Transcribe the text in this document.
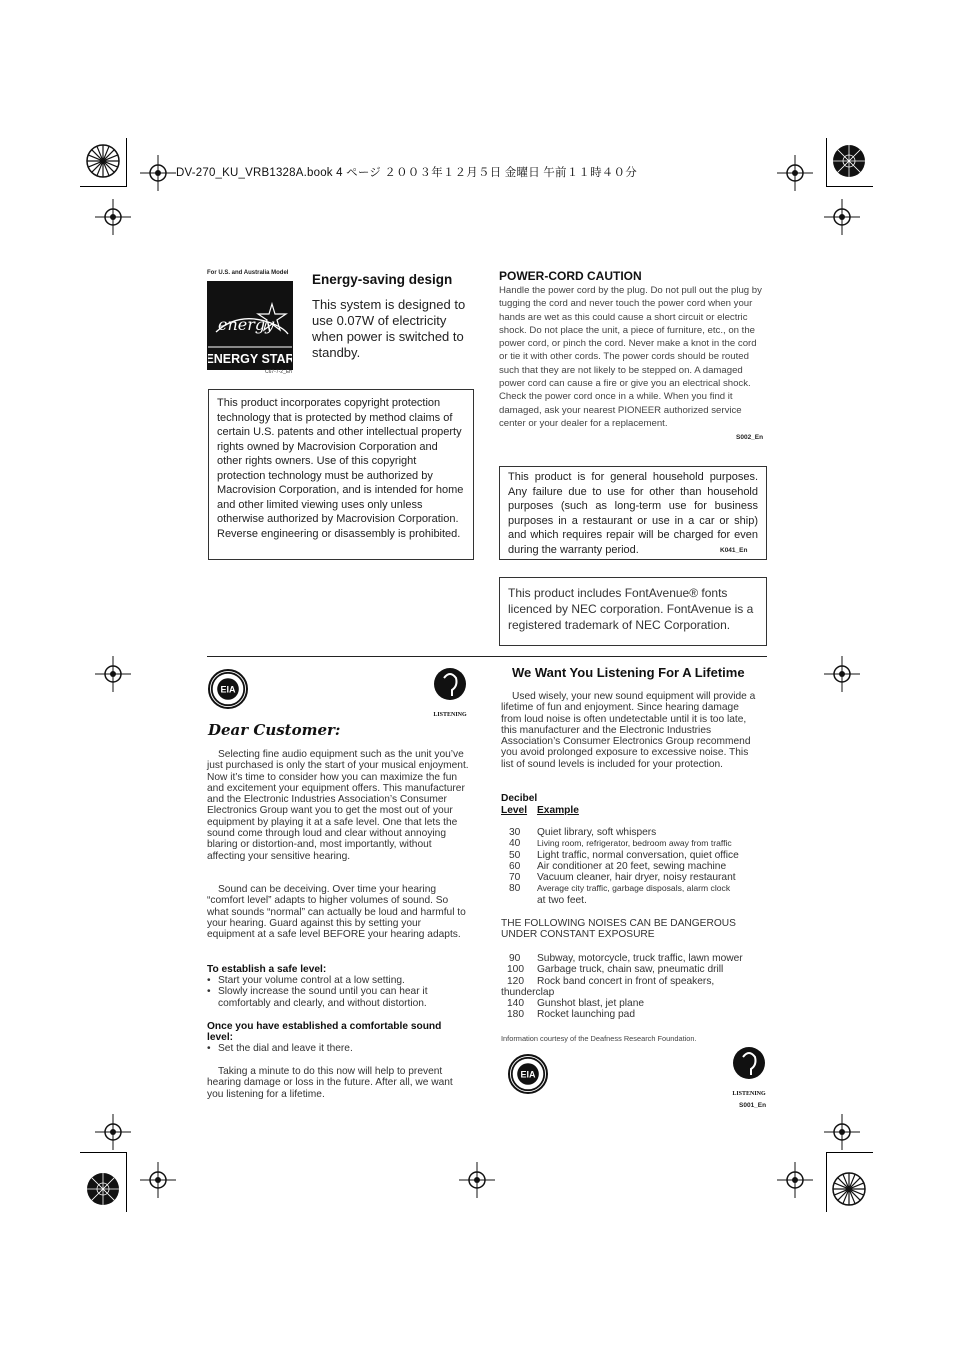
DV-270_KU_VRB1328A.book 4 ページ ２００３年１２月５日 金曜日 午前１１時４０分
For U.S. and Australia Model
energy
ENERGY STAR
C67-7-2_En
Energy-saving design
This system is designed to use 0.07W of electricity when power is switched to standby.
This product incorporates copyright protection technology that is protected by method claims of certain U.S. patents and other intellectual property rights owned by Macrovision Corporation and other rights owners. Use of this copyright protection technology must be authorized by Macrovision Corporation, and is intended for home and other limited viewing uses only unless otherwise authorized by Macrovision Corporation. Reverse engineering or disassembly is prohibited.
POWER-CORD CAUTION
Handle the power cord by the plug. Do not pull out the plug by tugging the cord and never touch the power cord when your hands are wet as this could cause a short circuit or electric shock. Do not place the unit, a piece of furniture, etc., on the power cord, or pinch the cord. Never make a knot in the cord or tie it with other cords. The power cords should be routed such that they are not likely to be stepped on. A damaged power cord can cause a fire or give you an electrical shock. Check the power cord once in a while. When you find it damaged, ask your nearest PIONEER authorized service center or your dealer for a replacement.
S002_En
This product is for general household purposes. Any failure due to use for other than household purposes (such as long-term use for business purposes in a restaurant or use in a car or ship) and which requires repair will be charged for even during the warranty period.	K041_En
This product includes FontAvenue® fonts licenced by NEC corporation. FontAvenue is a registered trademark of NEC Corporation.
EIA
LISTENING
Dear Customer:
Selecting fine audio equipment such as the unit you’ve just purchased is only the start of your musical enjoyment. Now it’s time to consider how you can maximize the fun and excitement your equipment offers. This manufacturer and the Electronic Industries Association’s Consumer Electronics Group want you to get the most out of your equipment by playing it at a safe level. One that lets the sound come through loud and clear without annoying blaring or distortion-and, most importantly, without affecting your sensitive hearing.
Sound can be deceiving. Over time your hearing “comfort level” adapts to higher volumes of sound. So what sounds “normal” can actually be loud and harmful to your hearing. Guard against this by setting your equipment at a safe level BEFORE your hearing adapts.
To establish a safe level:
• Start your volume control at a low setting.
• Slowly increase the sound until you can hear it comfortably and clearly, and without distortion.
Once you have established a comfortable sound level:
• Set the dial and leave it there.
Taking a minute to do this now will help to prevent hearing damage or loss in the future. After all, we want you listening for a lifetime.
We Want You Listening For A Lifetime
Used wisely, your new sound equipment will provide a lifetime of fun and enjoyment. Since hearing damage from loud noise is often undetectable until it is too late, this manufacturer and the Electronic Industries Association’s Consumer Electronics Group recommend you avoid prolonged exposure to excessive noise. This list of sound levels is included for your protection.
Decibel
Level Example
30 Quiet library, soft whispers
40 Living room, refrigerator, bedroom away from traffic
50 Light traffic, normal conversation, quiet office
60 Air conditioner at 20 feet, sewing machine
70 Vacuum cleaner, hair dryer, noisy restaurant
80 Average city traffic, garbage disposals, alarm clock
at two feet.
THE FOLLOWING NOISES CAN BE DANGEROUS UNDER CONSTANT EXPOSURE
90 Subway, motorcycle, truck traffic, lawn mower
100 Garbage truck, chain saw, pneumatic drill
120 Rock band concert in front of speakers,
thunderclap
140 Gunshot blast, jet plane
180 Rocket launching pad
Information courtesy of the Deafness Research Foundation.
EIA
LISTENING
S001_En
